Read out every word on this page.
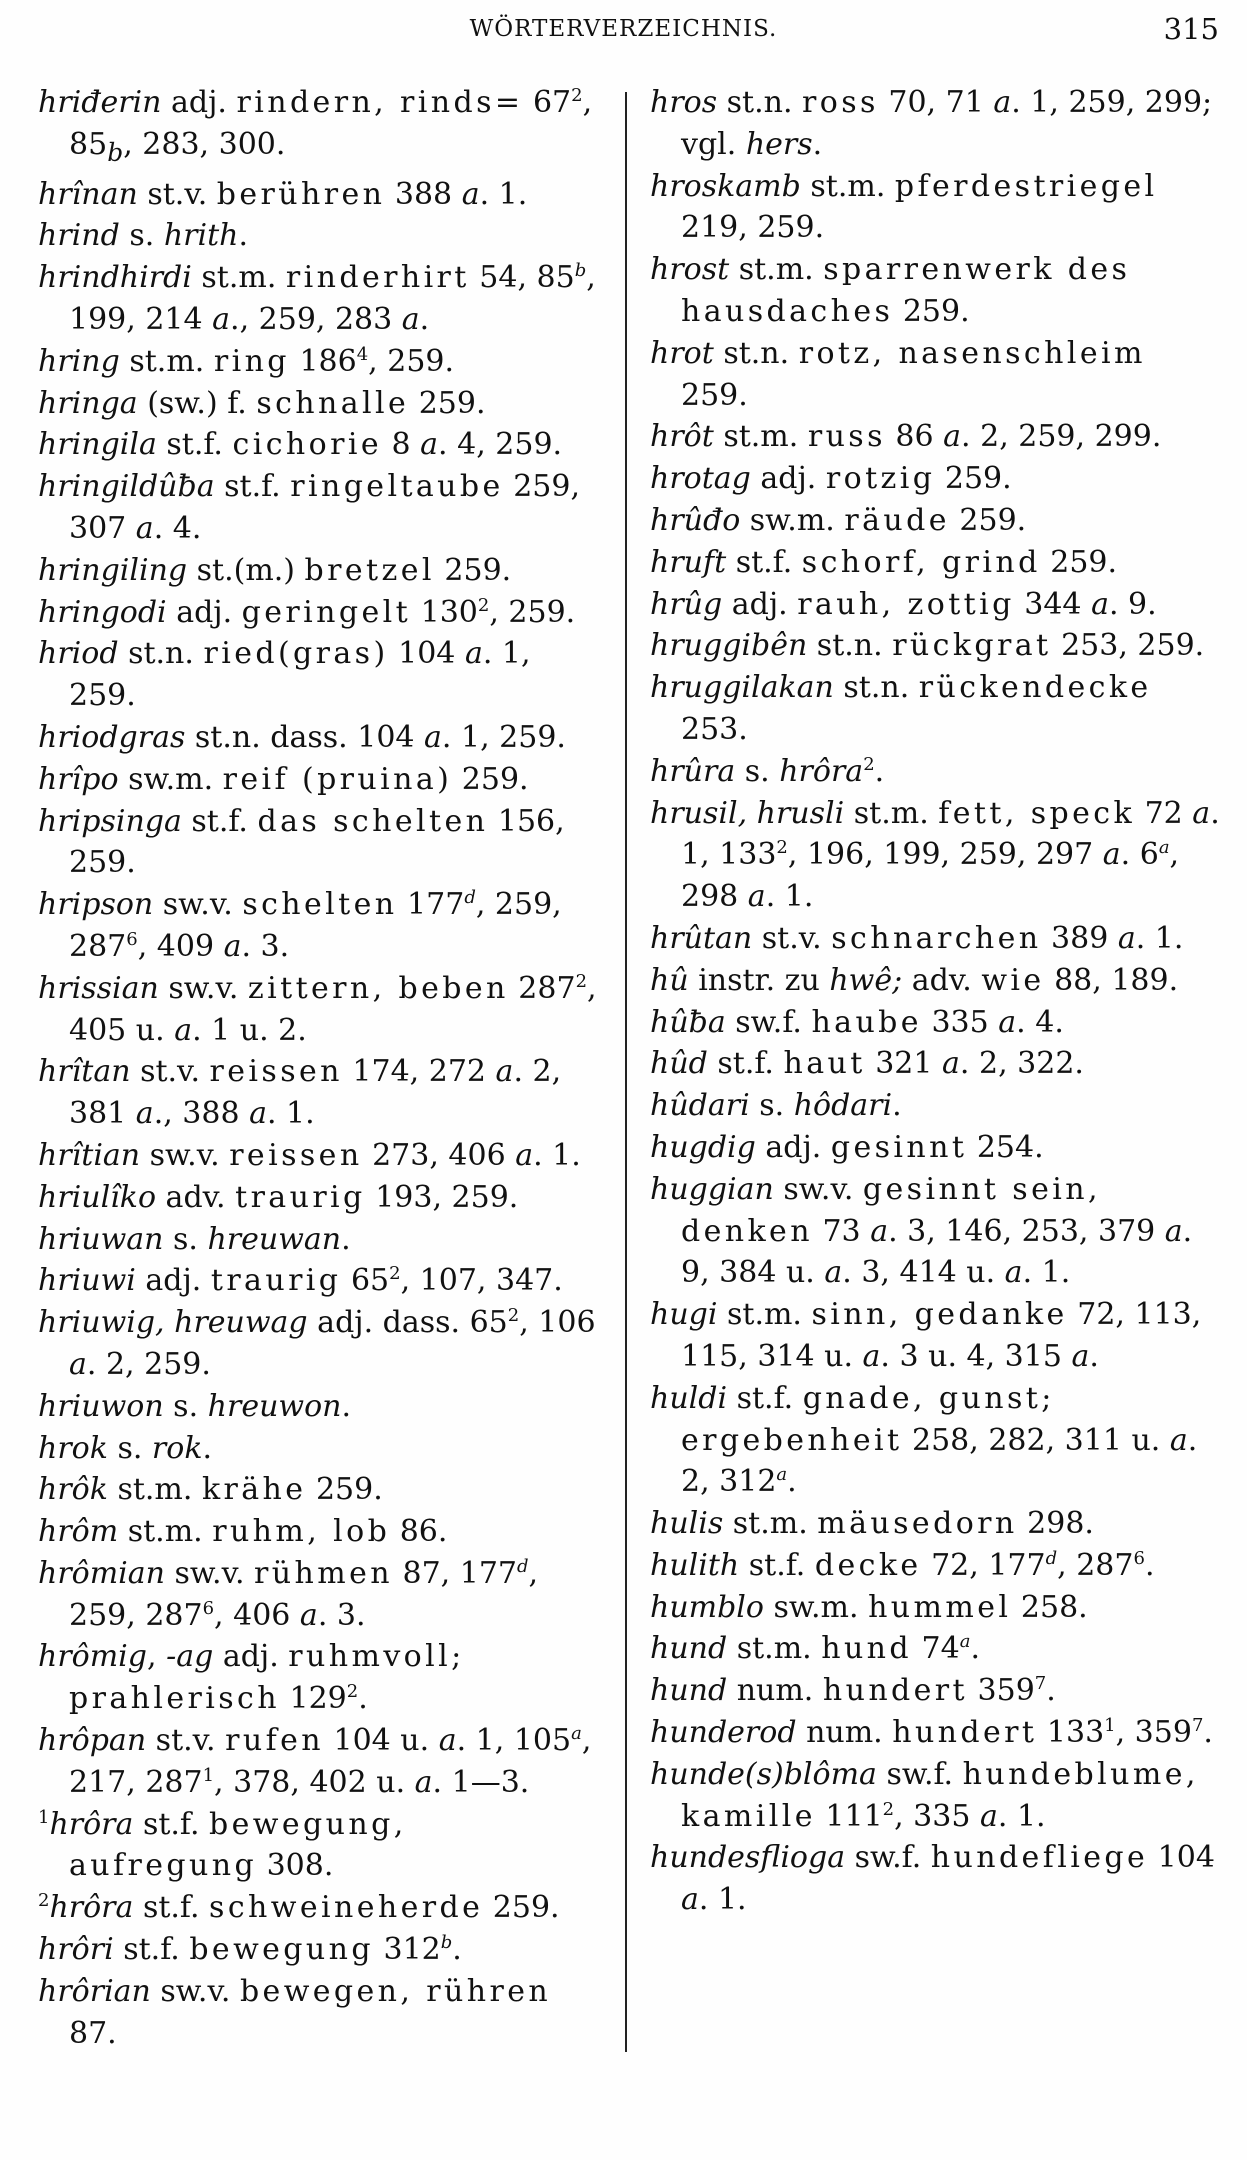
WÖRTERVERZEICHNIS.	315

hriđerin adj. rindern, rinds= $67^2$, $85_b$, 283, 300.

hrînan st.v. berühren 388 a. 1.

hrind s. hrith.

hrindhirdi st.m. rinderhirt 54, 85$^b$, 199, 214 a., 259, 283 a.

hring st.m. ring $186^4$, 259.

hringa (sw.) f. schnalle 259.

hringila st.f. cichorie 8 a. 4, 259.

hringildûƀa st.f. ringeltaube 259, 307 a. 4.

hringiling st.(m.) bretzel 259.

hringodi adj. geringelt $130^2$, 259.

hriod st.n. ried(gras) 104 a. 1, 259.

hriodgras st.n. dass. 104 a. 1, 259.

hrîpo sw.m. reif (pruina) 259.

hripsinga st.f. das schelten 156, 259.

hripson sw.v. schelten 177$^d$, 259, $287^6$, 409 a. 3.

hrissian sw.v. zittern, beben $287^2$, 405 u. a. 1 u. 2.

hrîtan st.v. reissen 174, 272 a. 2, 381 a., 388 a. 1.

hrîtian sw.v. reissen 273, 406 a. 1.

hriulîko adv. traurig 193, 259.

hriuwan s. hreuwan.

hriuwi adj. traurig $65^2$, 107, 347.

hriuwig, hreuwag adj. dass. $65^2$, 106 a. 2, 259.

hriuwon s. hreuwon.

hrok s. rok.

hrôk st.m. krähe 259.

hrôm st.m. ruhm, lob 86.

hrômian sw.v. rühmen 87, 177$^d$, 259, $287^6$, 406 a. 3.

hrômig, -ag adj. ruhmvoll; prahlerisch $129^2$.

hrôpan st.v. rufen 104 u. a. 1, 105$^a$, 217, $287^1$, 378, 402 u. a. 1—3.

$^1$hrôra st.f. bewegung, aufregung 308.

$^2$hrôra st.f. schweineherde 259.

hrôri st.f. bewegung 312$^b$.

hrôrian sw.v. bewegen, rühren 87.

hros st.n. ross 70, 71 a. 1, 259, 299; vgl. hers.

hroskamb st.m. pferdestriegel 219, 259.

hrost st.m. sparrenwerk des hausdaches 259.

hrot st.n. rotz, nasenschleim 259.

hrôt st.m. russ 86 a. 2, 259, 299.

hrotag adj. rotzig 259.

hrûđo sw.m. räude 259.

hruft st.f. schorf, grind 259.

hrûg adj. rauh, zottig 344 a. 9.

hruggibên st.n. rückgrat 253, 259.

hruggilakan st.n. rückendecke 253.

hrûra s. hrôra$^2$.

hrusil, hrusli st.m. fett, speck 72 a. 1, $133^2$, 196, 199, 259, 297 a. 6$^a$, 298 a. 1.

hrûtan st.v. schnarchen 389 a. 1.

hû instr. zu hwê; adv. wie 88, 189.

hûƀa sw.f. haube 335 a. 4.

hûd st.f. haut 321 a. 2, 322.

hûdari s. hôdari.

hugdig adj. gesinnt 254.

huggian sw.v. gesinnt sein, denken 73 a. 3, 146, 253, 379 a. 9, 384 u. a. 3, 414 u. a. 1.

hugi st.m. sinn, gedanke 72, 113, 115, 314 u. a. 3 u. 4, 315 a.

huldi st.f. gnade, gunst; ergebenheit 258, 282, 311 u. a. 2, 312$^a$.

hulis st.m. mäusedorn 298.

hulith st.f. decke 72, 177$^d$, $287^6$.

humblo sw.m. hummel 258.

hund st.m. hund 74$^a$.

hund num. hundert $359^7$.

hunderod num. hundert $133^1$, $359^7$.

hunde(s)blôma sw.f. hundeblume, kamille $111^2$, 335 a. 1.

hundesflioga sw.f. hundefliege 104 a. 1.
